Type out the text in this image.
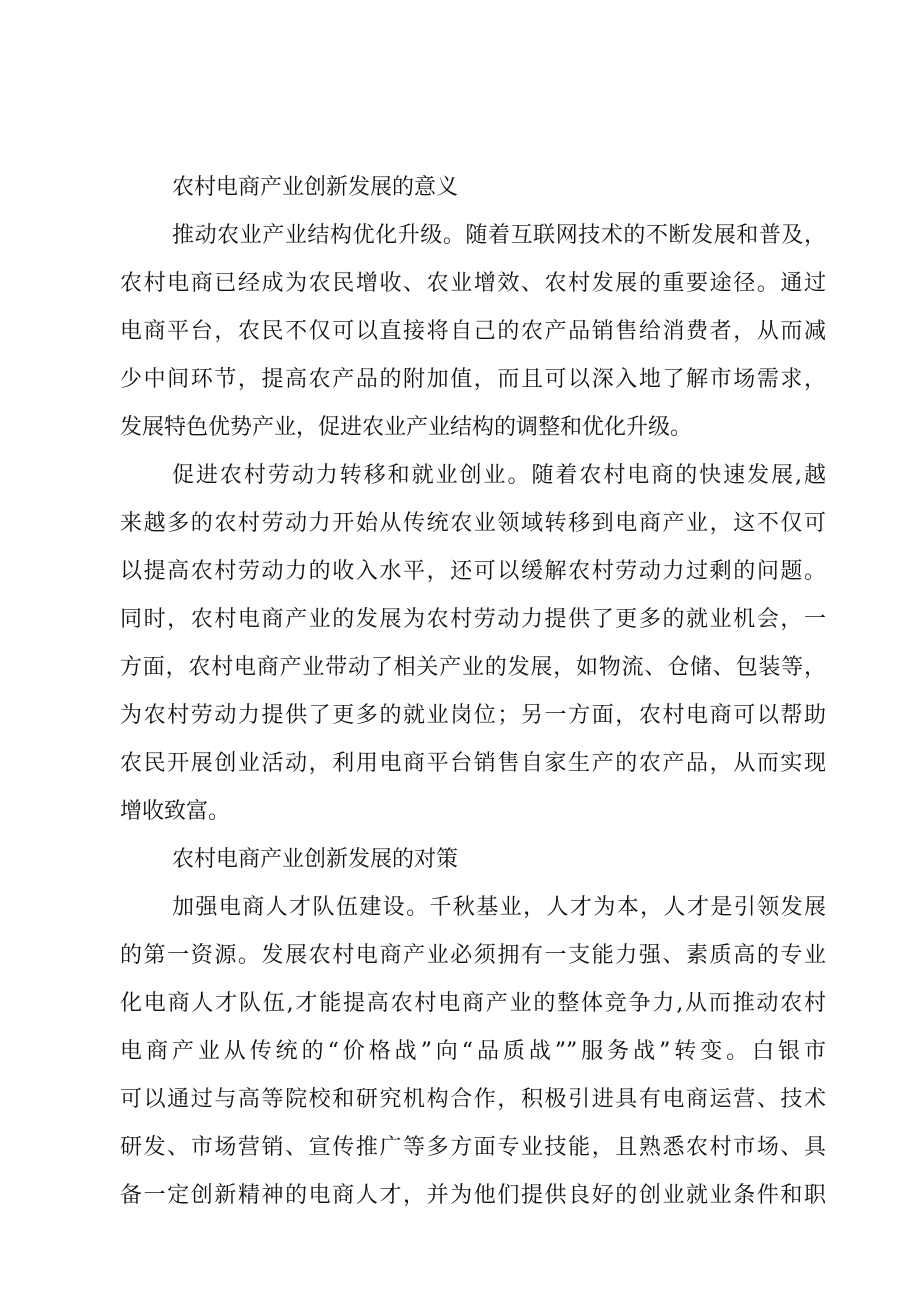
农村电商产业创新发展的意义
推动农业产业结构优化升级。随着互联网技术的不断发展和普及，
农村电商已经成为农民增收、农业增效、农村发展的重要途径。通过
电商平台，农民不仅可以直接将自己的农产品销售给消费者，从而减
少中间环节，提高农产品的附加值，而且可以深入地了解市场需求，
发展特色优势产业，促进农业产业结构的调整和优化升级。
促进农村劳动力转移和就业创业。随着农村电商的快速发展,越
来越多的农村劳动力开始从传统农业领域转移到电商产业，这不仅可
以提高农村劳动力的收入水平，还可以缓解农村劳动力过剩的问题。
同时，农村电商产业的发展为农村劳动力提供了更多的就业机会，一
方面，农村电商产业带动了相关产业的发展，如物流、仓储、包装等，
为农村劳动力提供了更多的就业岗位；另一方面，农村电商可以帮助
农民开展创业活动，利用电商平台销售自家生产的农产品，从而实现
增收致富。
农村电商产业创新发展的对策
加强电商人才队伍建设。千秋基业，人才为本，人才是引领发展
的第一资源。发展农村电商产业必须拥有一支能力强、素质高的专业
化电商人才队伍,才能提高农村电商产业的整体竞争力,从而推动农村
电商产业从传统的“价格战”向“品质战””服务战”转变。白银市
可以通过与高等院校和研究机构合作，积极引进具有电商运营、技术
研发、市场营销、宣传推广等多方面专业技能，且熟悉农村市场、具
备一定创新精神的电商人才，并为他们提供良好的创业就业条件和职
